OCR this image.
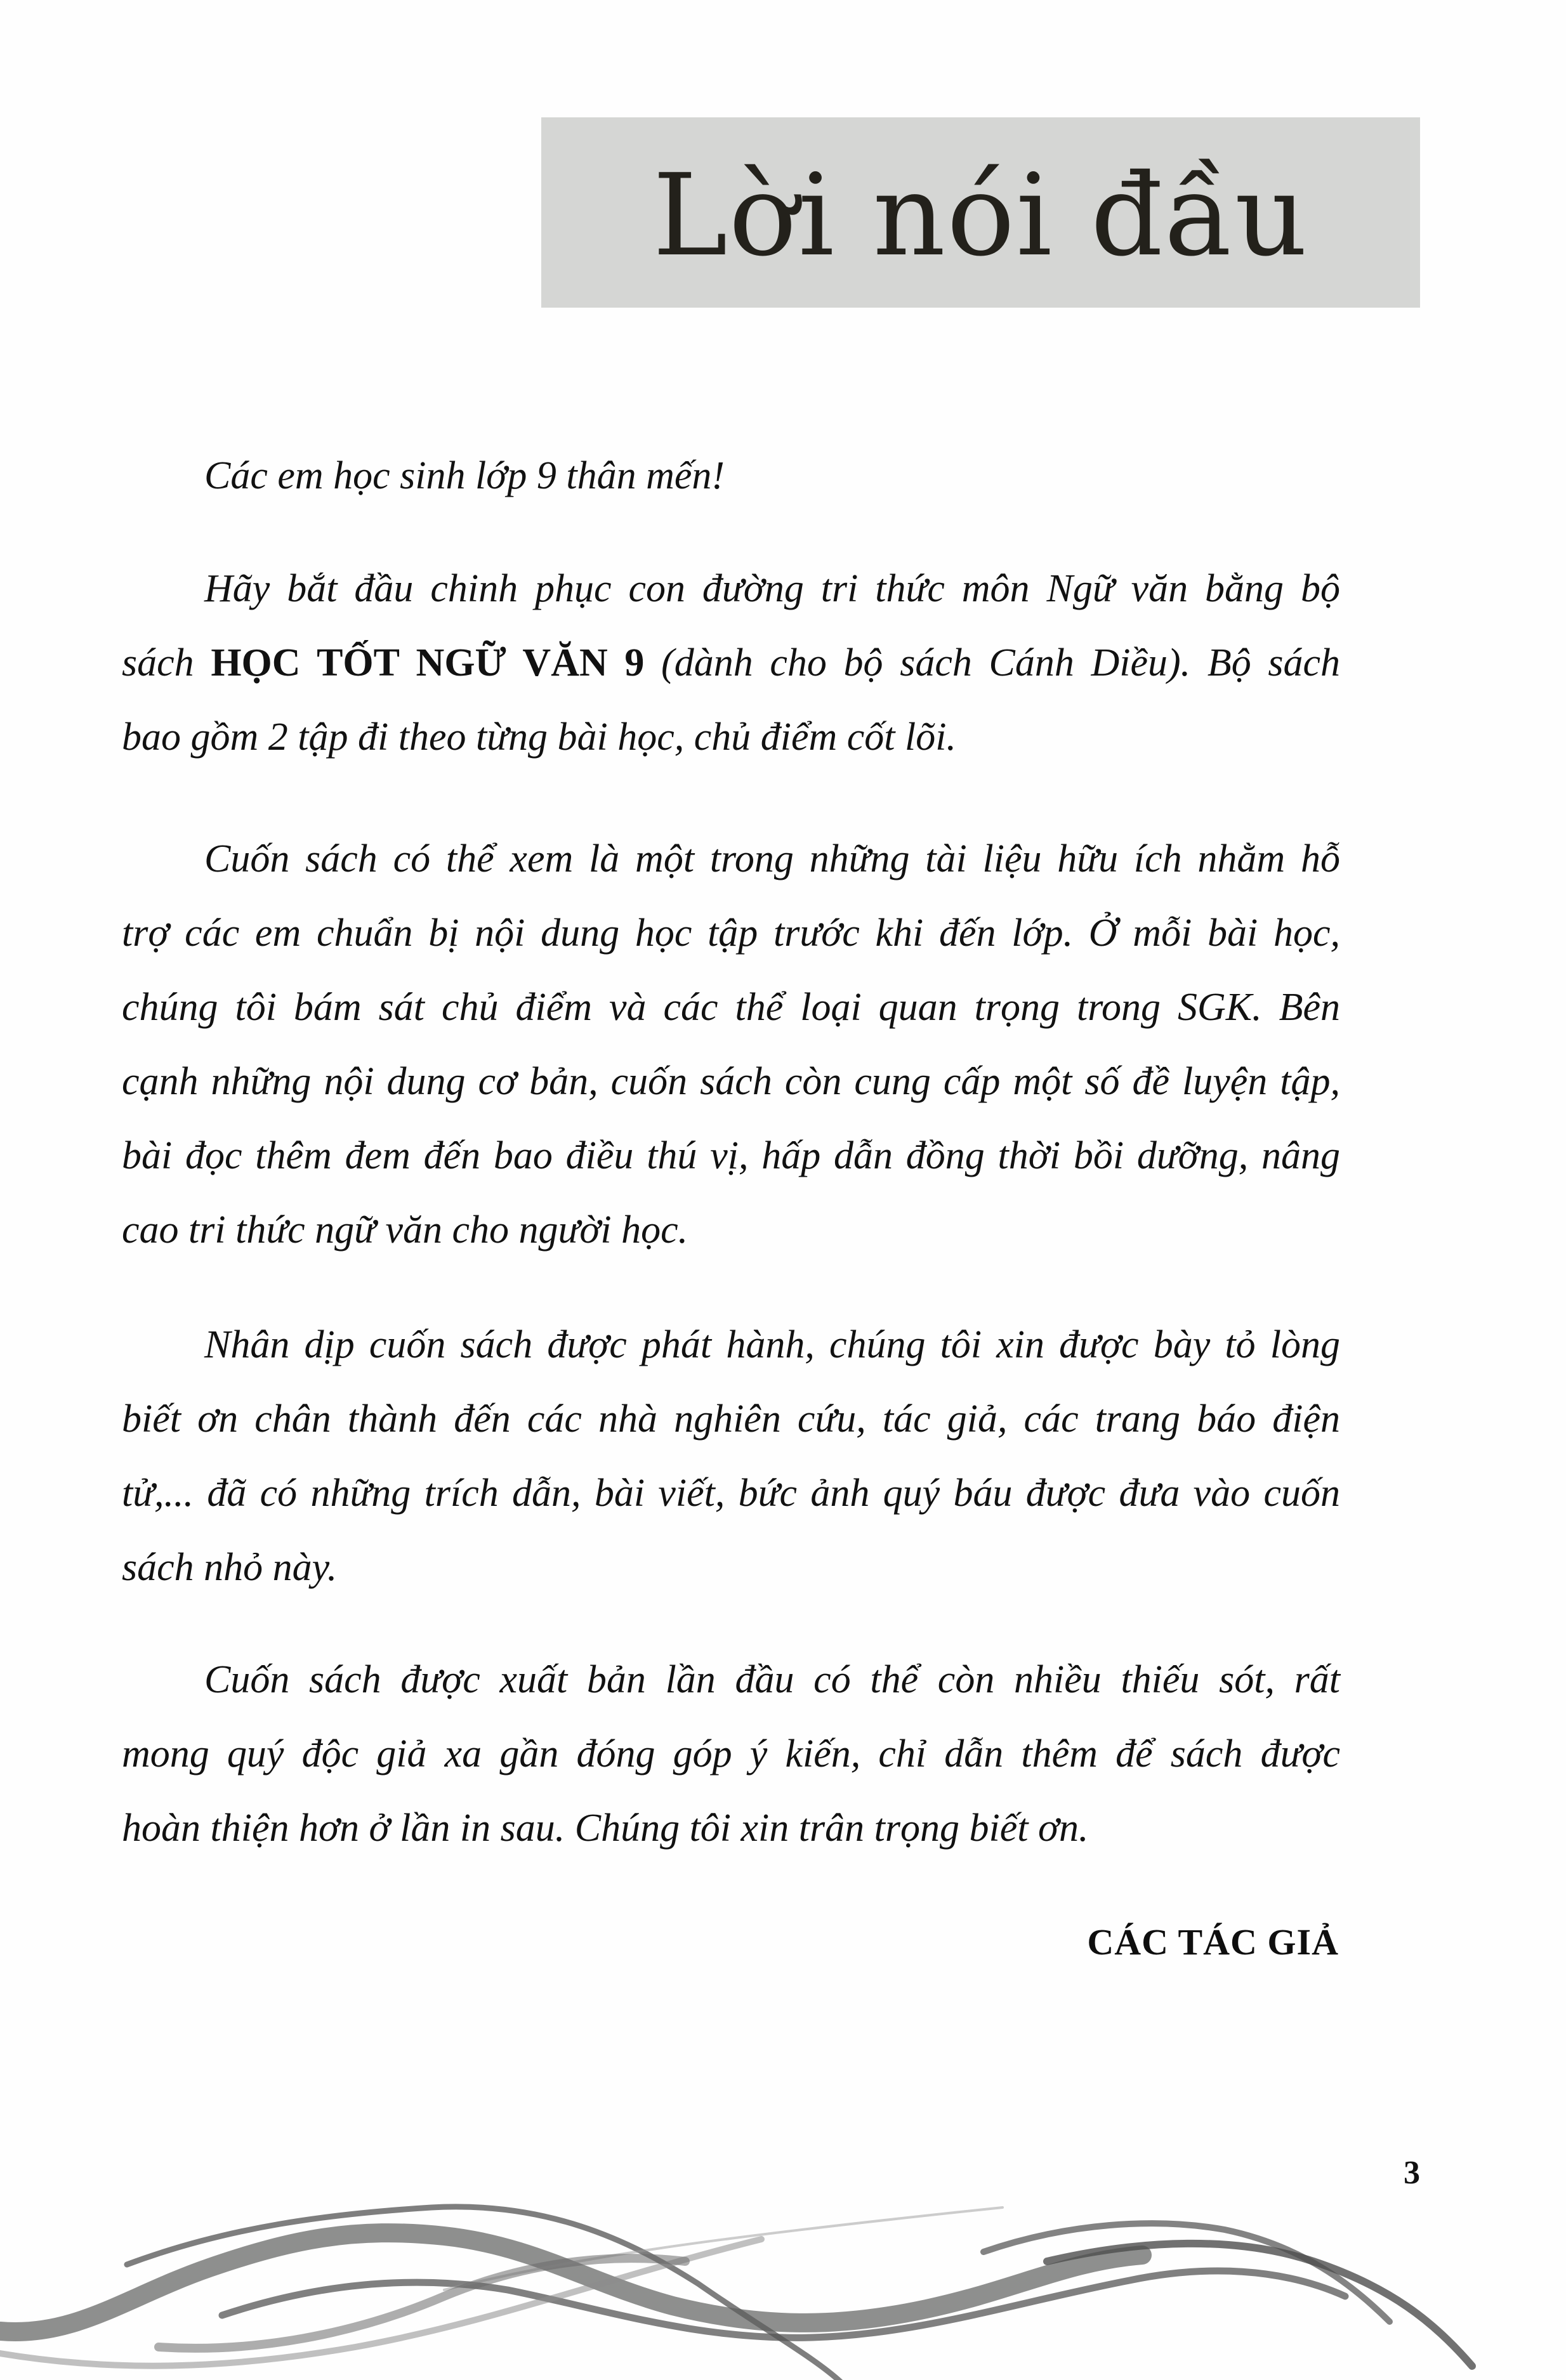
Lời nói đầu
Các em học sinh lớp 9 thân mến!
Hãy bắt đầu chinh phục con đường tri thức môn Ngữ văn bằng bộ
sách HỌC TỐT NGỮ VĂN 9 (dành cho bộ sách Cánh Diều). Bộ sách
bao gồm 2 tập đi theo từng bài học, chủ điểm cốt lõi.
Cuốn sách có thể xem là một trong những tài liệu hữu ích nhằm hỗ
trợ các em chuẩn bị nội dung học tập trước khi đến lớp. Ở mỗi bài học,
chúng tôi bám sát chủ điểm và các thể loại quan trọng trong SGK. Bên
cạnh những nội dung cơ bản, cuốn sách còn cung cấp một số đề luyện tập,
bài đọc thêm đem đến bao điều thú vị, hấp dẫn đồng thời bồi dưỡng, nâng
cao tri thức ngữ văn cho người học.
Nhân dịp cuốn sách được phát hành, chúng tôi xin được bày tỏ lòng
biết ơn chân thành đến các nhà nghiên cứu, tác giả, các trang báo điện
tử,... đã có những trích dẫn, bài viết, bức ảnh quý báu được đưa vào cuốn
sách nhỏ này.
Cuốn sách được xuất bản lần đầu có thể còn nhiều thiếu sót, rất
mong quý độc giả xa gần đóng góp ý kiến, chỉ dẫn thêm để sách được
hoàn thiện hơn ở lần in sau. Chúng tôi xin trân trọng biết ơn.
CÁC TÁC GIẢ
3
